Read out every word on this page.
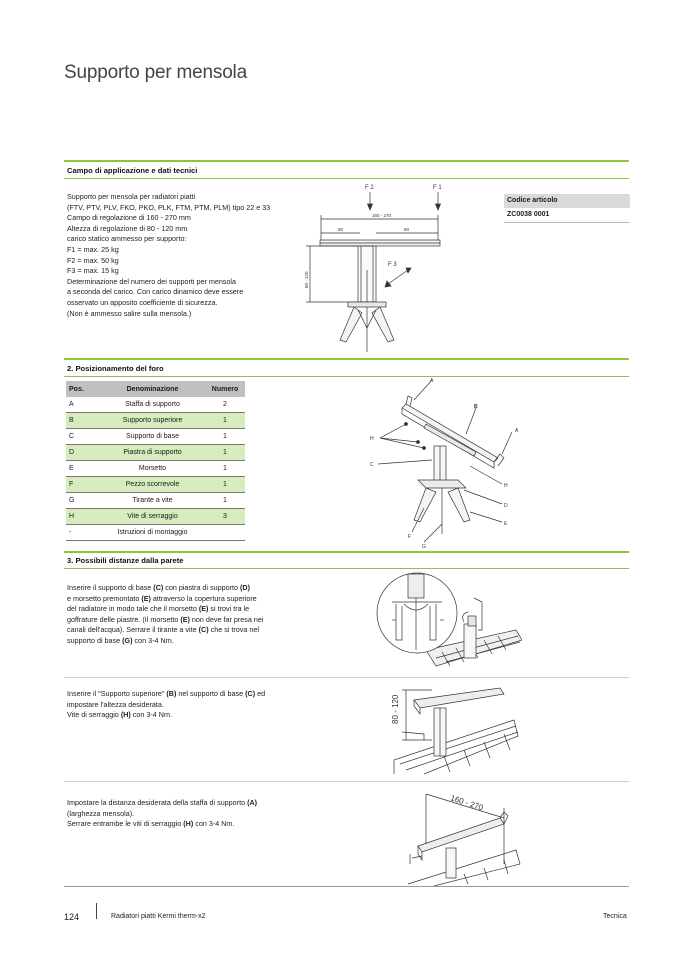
Supporto per mensola
Campo di applicazione e dati tecnici
Supporto per mensola per radiatori piatti
(FTV, PTV, PLV, FKO, PKO, PLK, FTM, PTM, PLM) tipo 22 e 33
Campo di regolazione di 160 - 270 mm
Altezza di regolazione di 80 - 120 mm
carico statico ammesso per supporto:
F1 = max. 25 kg
F2 = max. 50 kg
F3 = max. 15 kg
Determinazione del numero dei supporti per mensola
a seconda del carico. Con carico dinamico deve essere
osservato un apposito coefficiente di sicurezza.
(Non è ammesso salire sulla mensola.)
F 2	F 1
F 3
160 - 270
80	80
80 - 120
Codice articolo
ZC0038 0001
2. Posizionamento del foro
Pos.	Denominazione	Numero
A	Staffa di supporto	2
B	Supporto superiore	1
C	Supporto di base	1
D	Piastra di supporto	1
E	Morsetto	1
F	Pezzo scorrevole	1
G	Tirante a vite	1
H	Vite di serraggio	3
-	Istruzioni di montaggio	
A
B
A
H
C
H
D
E
F
G
3. Possibili distanze dalla parete
Inserire il supporto di base (C) con piastra di supporto (D)
e morsetto premontato (E) attraverso la copertura superiore
del radiatore in modo tale che il morsetto (E) si trovi tra le
goffrature delle piastre. (Il morsetto (E) non deve far presa nei
canali dell'acqua). Serrare il tirante a vite (C) che si trova nel
supporto di base (G) con 3-4 Nm.
Inserire il "Supporto superiore" (B) nel supporto di base (C) ed
impostare l'altezza desiderata.
Vite di serraggio (H) con 3-4 Nm.	80 - 120
Impostare la distanza desiderata della staffa di supporto (A)
(larghezza mensola).
Serrare entrambe le viti di serraggio (H) con 3-4 Nm.
160 - 270
124	Radiatori piatti Kermi therm-x2	Tecnica
